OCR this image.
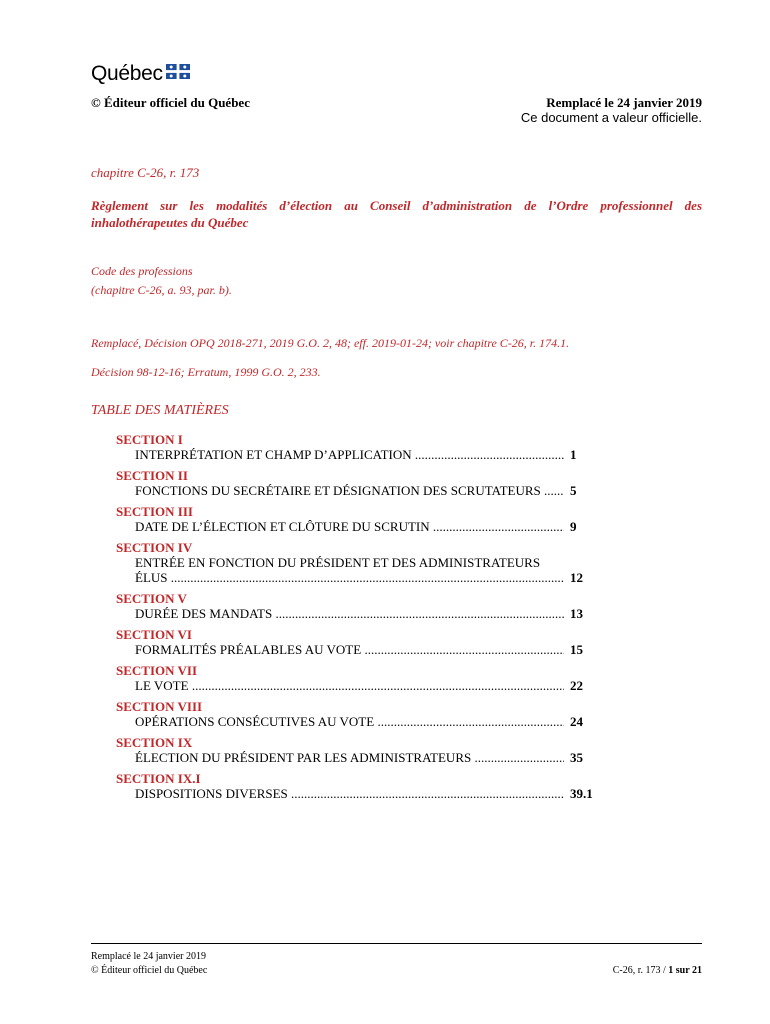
Québec
© Éditeur officiel du Québec	Remplacé le 24 janvier 2019
Ce document a valeur officielle.
chapitre C-26, r. 173
Règlement sur les modalités d’élection au Conseil d’administration de l’Ordre professionnel des inhalothérapeutes du Québec
Code des professions
(chapitre C-26, a. 93, par. b).
Remplacé, Décision OPQ 2018-271, 2019 G.O. 2, 48; eff. 2019-01-24; voir chapitre C-26, r. 174.1.
Décision 98-12-16; Erratum, 1999 G.O. 2, 233.
TABLE DES MATIÈRES
SECTION I
INTERPRÉTATION ET CHAMP D’APPLICATION .....	1
SECTION II
FONCTIONS DU SECRÉTAIRE ET DÉSIGNATION DES SCRUTATEURS .....	5
SECTION III
DATE DE L’ÉLECTION ET CLÔTURE DU SCRUTIN .....	9
SECTION IV
ENTRÉE EN FONCTION DU PRÉSIDENT ET DES ADMINISTRATEURS
ÉLUS .....	12
SECTION V
DURÉE DES MANDATS .....	13
SECTION VI
FORMALITÉS PRÉALABLES AU VOTE .....	15
SECTION VII
LE VOTE .....	22
SECTION VIII
OPÉRATIONS CONSÉCUTIVES AU VOTE .....	24
SECTION IX
ÉLECTION DU PRÉSIDENT PAR LES ADMINISTRATEURS .....	35
SECTION IX.I
DISPOSITIONS DIVERSES .....	39.1
Remplacé le 24 janvier 2019
© Éditeur officiel du Québec	C-26, r. 173 / 1 sur 21
